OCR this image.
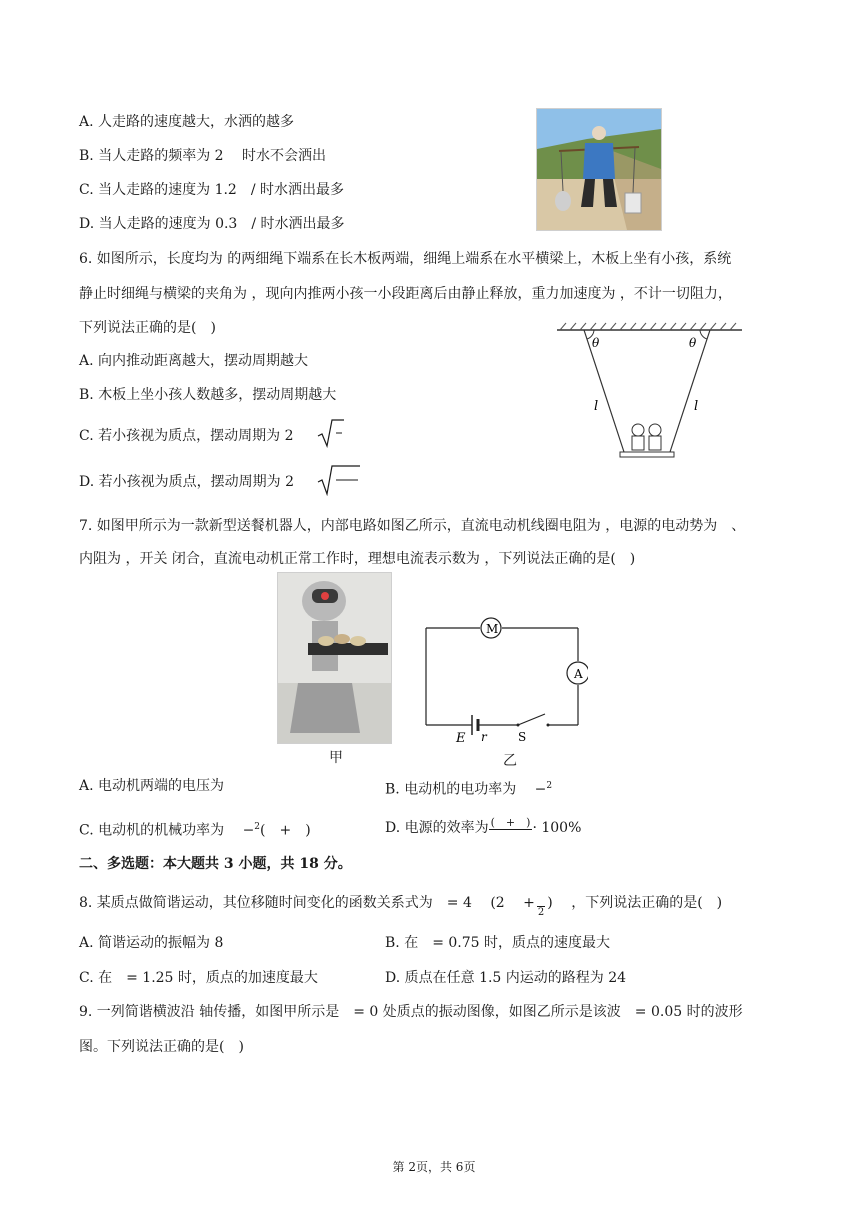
A. 人走路的速度越大，水洒的越多
B. 当人走路的频率为 2　 时水不会洒出
C. 当人走路的速度为 1.2　/ 时水洒出最多
D. 当人走路的速度为 0.3　/ 时水洒出最多
6. 如图所示，长度均为 的两细绳下端系在长木板两端，细绳上端系在水平横梁上，木板上坐有小孩，系统
静止时细绳与横梁的夹角为 ，现向内推两小孩一小段距离后由静止释放，重力加速度为 ，不计一切阻力，
下列说法正确的是(　)
A. 向内推动距离越大，摆动周期越大
B. 木板上坐小孩人数越多，摆动周期越大
C. 若小孩视为质点，摆动周期为 2
D. 若小孩视为质点，摆动周期为 2
θ	θ
l	l
7. 如图甲所示为一款新型送餐机器人，内部电路如图乙所示，直流电动机线圈电阻为 ，电源的电动势为　、
内阻为 ，开关 闭合，直流电动机正常工作时，理想电流表示数为 ，下列说法正确的是(　)
甲
M
A
E r	S
乙
A. 电动机两端的电压为	B. 电动机的电功率为　 −$^2$
C. 电动机的机械功率为　 −$^2$(　+　)	D. 电源的效率为 (　+　) · 100%
二、多选题：本大题共 3 小题，共 18 分。
8. 某质点做简谐运动，其位移随时间变化的函数关系式为　= 4　 (2　 +2)　 ，下列说法正确的是(　)
A. 简谐运动的振幅为 8	B. 在　= 0.75 时，质点的速度最大
C. 在　= 1.25 时，质点的加速度最大	D. 质点在任意 1.5 内运动的路程为 24
9. 一列简谐横波沿 轴传播，如图甲所示是　= 0 处质点的振动图像，如图乙所示是该波　= 0.05 时的波形
图。下列说法正确的是(　)
第 2页，共 6页
